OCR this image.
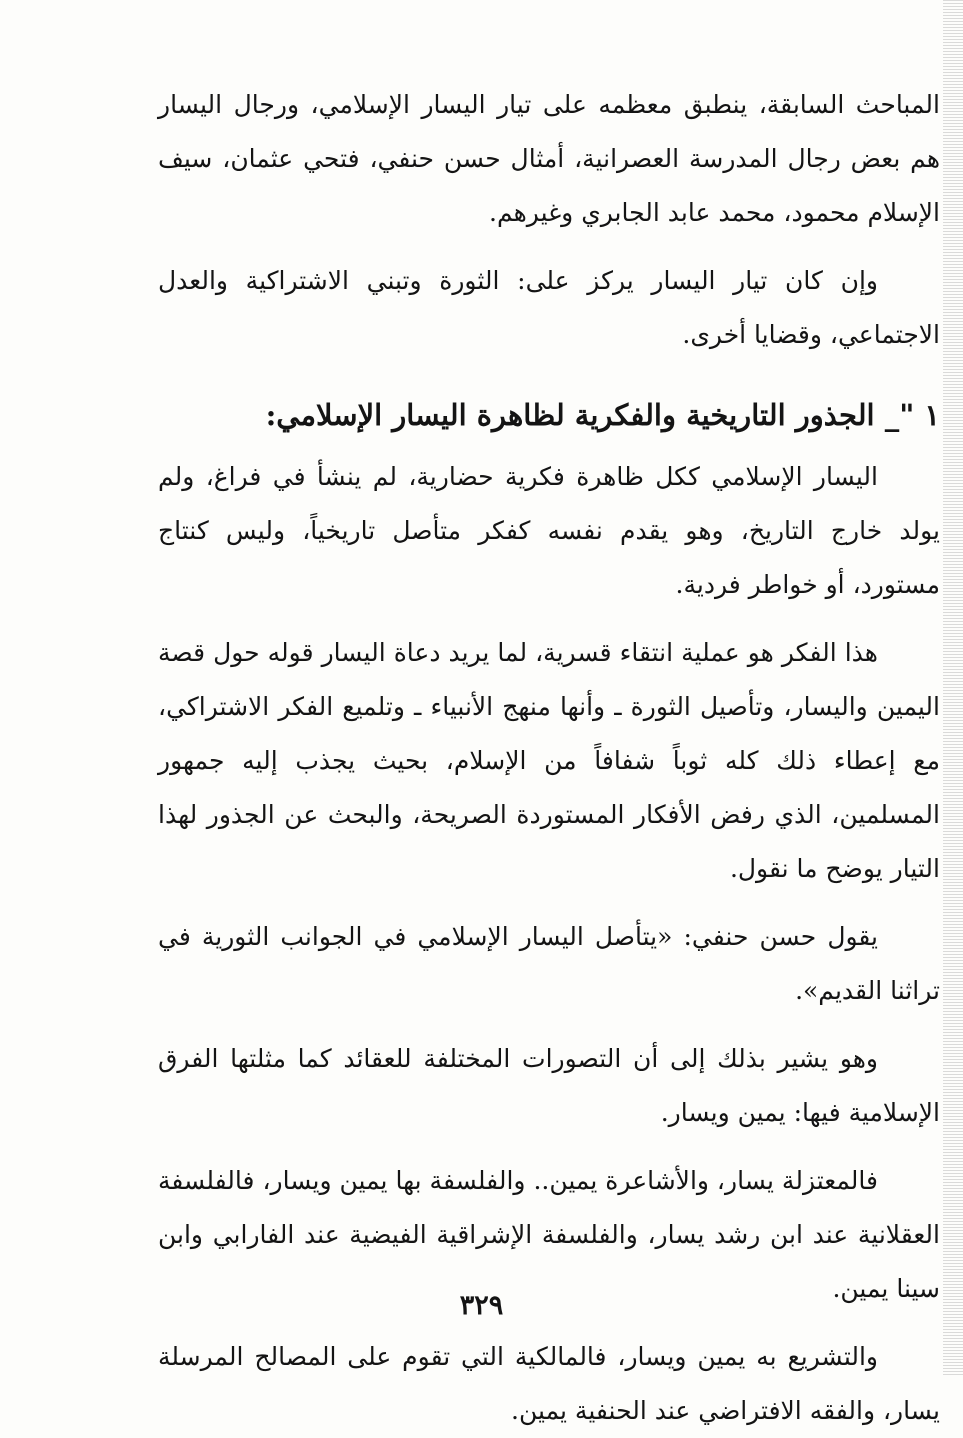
المباحث السابقة، ينطبق معظمه على تيار اليسار الإسلامي، ورجال اليسار هم بعض رجال المدرسة العصرانية، أمثال حسن حنفي، فتحي عثمان، سيف الإسلام محمود، محمد عابد الجابري وغيرهم.

وإن كان تيار اليسار يركز على: الثورة وتبني الاشتراكية والعدل الاجتماعي، وقضايا أخرى.

١ "_ الجذور التاريخية والفكرية لظاهرة اليسار الإسلامي:

اليسار الإسلامي ككل ظاهرة فكرية حضارية، لم ينشأ في فراغ، ولم يولد خارج التاريخ، وهو يقدم نفسه كفكر متأصل تاريخياً، وليس كنتاج مستورد، أو خواطر فردية.

هذا الفكر هو عملية انتقاء قسرية، لما يريد دعاة اليسار قوله حول قصة اليمين واليسار، وتأصيل الثورة ـ وأنها منهج الأنبياء ـ وتلميع الفكر الاشتراكي، مع إعطاء ذلك كله ثوباً شفافاً من الإسلام، بحيث يجذب إليه جمهور المسلمين، الذي رفض الأفكار المستوردة الصريحة، والبحث عن الجذور لهذا التيار يوضح ما نقول.

يقول حسن حنفي: «يتأصل اليسار الإسلامي في الجوانب الثورية في تراثنا القديم».

وهو يشير بذلك إلى أن التصورات المختلفة للعقائد كما مثلتها الفرق الإسلامية فيها: يمين ويسار.

فالمعتزلة يسار، والأشاعرة يمين.. والفلسفة بها يمين ويسار، فالفلسفة العقلانية عند ابن رشد يسار، والفلسفة الإشراقية الفيضية عند الفارابي وابن سينا يمين.

والتشريع به يمين ويسار، فالمالكية التي تقوم على المصالح المرسلة يسار، والفقه الافتراضي عند الحنفية يمين.

٣٢٩
